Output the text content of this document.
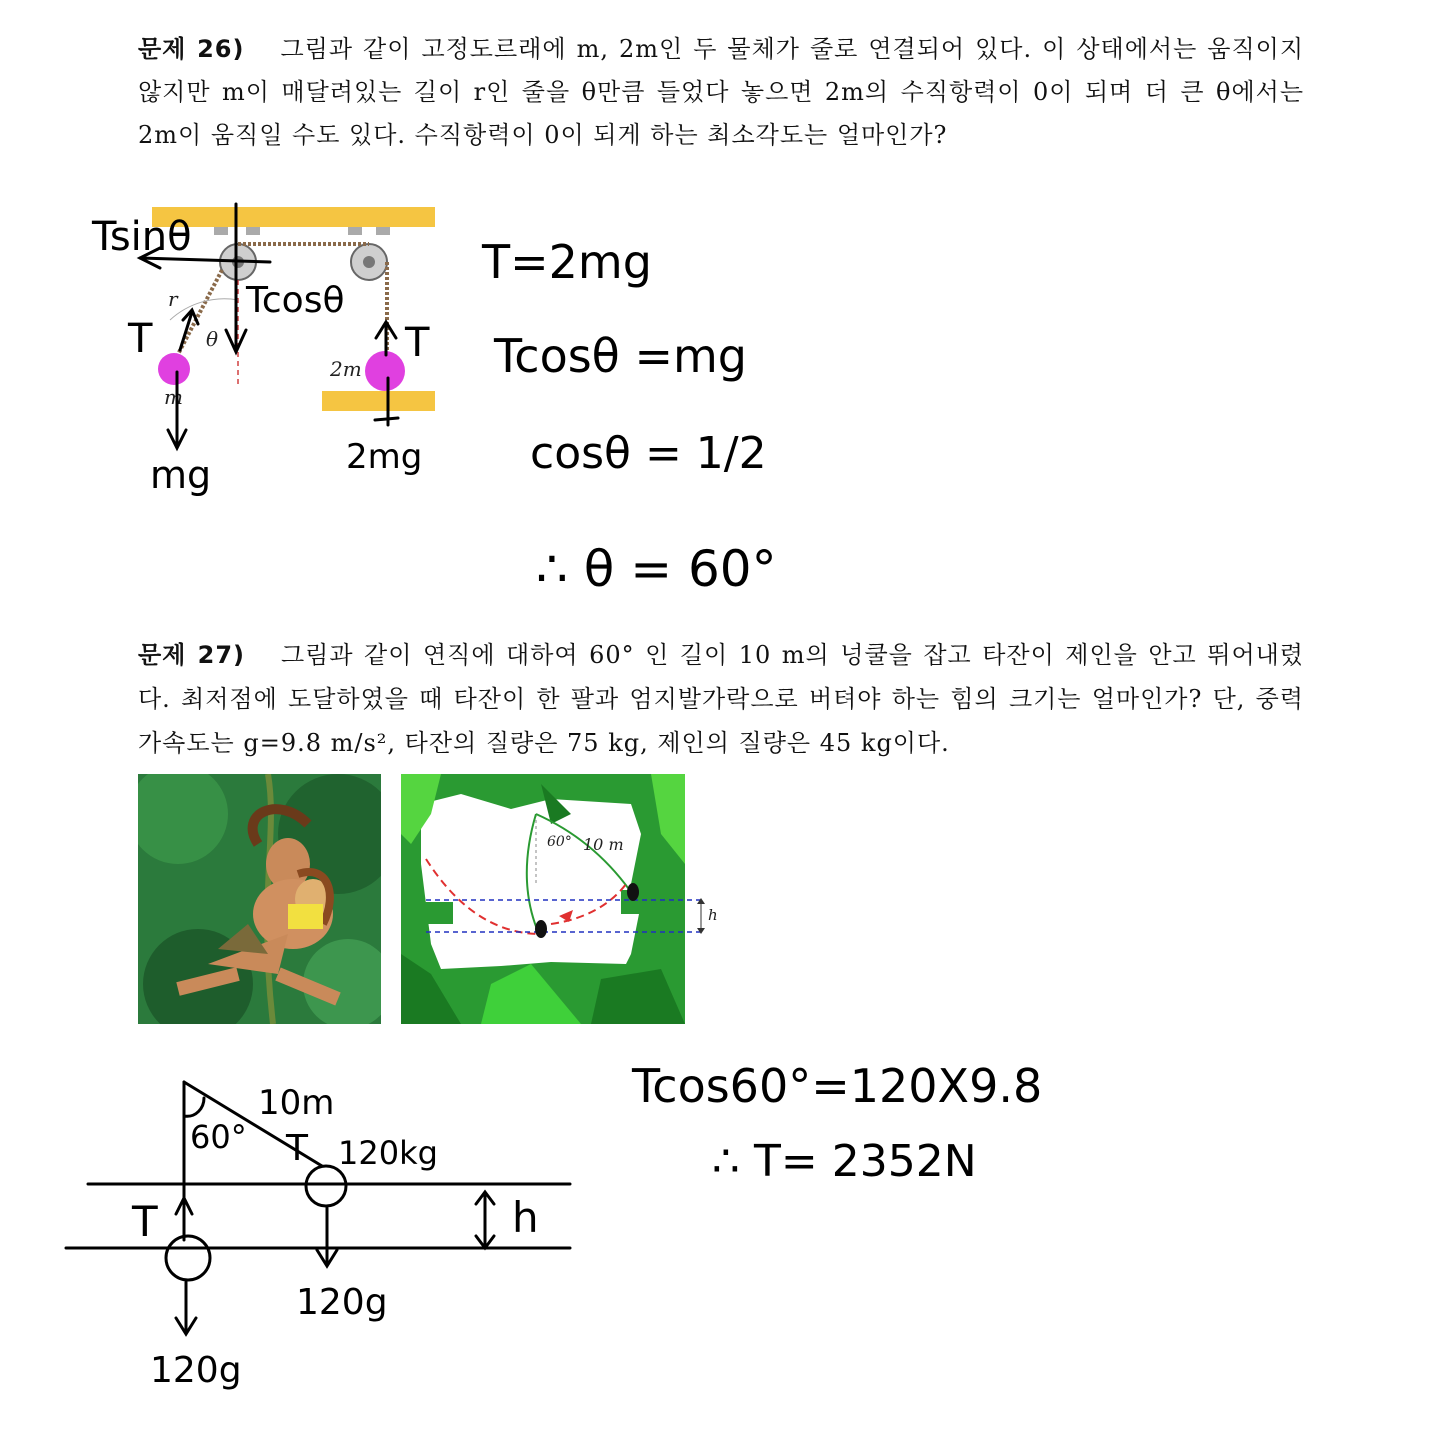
문제 26) 그림과 같이 고정도르래에 m, 2m인 두 물체가 줄로 연결되어 있다. 이 상태에서는 움직이지 않지만 m이 매달려있는 길이 r인 줄을 θ만큼 들었다 놓으면 2m의 수직항력이 0이 되며 더 큰 θ에서는 2m이 움직일 수도 있다. 수직항력이 0이 되게 하는 최소각도는 얼마인가?
문제 27) 그림과 같이 연직에 대하여 60° 인 길이 10 m의 넝쿨을 잡고 타잔이 제인을 안고 뛰어내렸다. 최저점에 도달하였을 때 타잔이 한 팔과 엄지발가락으로 버텨야 하는 힘의 크기는 얼마인가? 단, 중력가속도는 g=9.8 m/s², 타잔의 질량은 75 kg, 제인의 질량은 45 kg이다.
60° 10 m
h
r
θ
m
2m
Tsinθ
Tcosθ
T	T
mg	2mg
T=2mg
Tcosθ =mg
cosθ = 1/2
∴ θ = 60°
60°
10m
T 120kg
h
T
120g
120g
Tcos60°=120X9.8
∴ T= 2352N
